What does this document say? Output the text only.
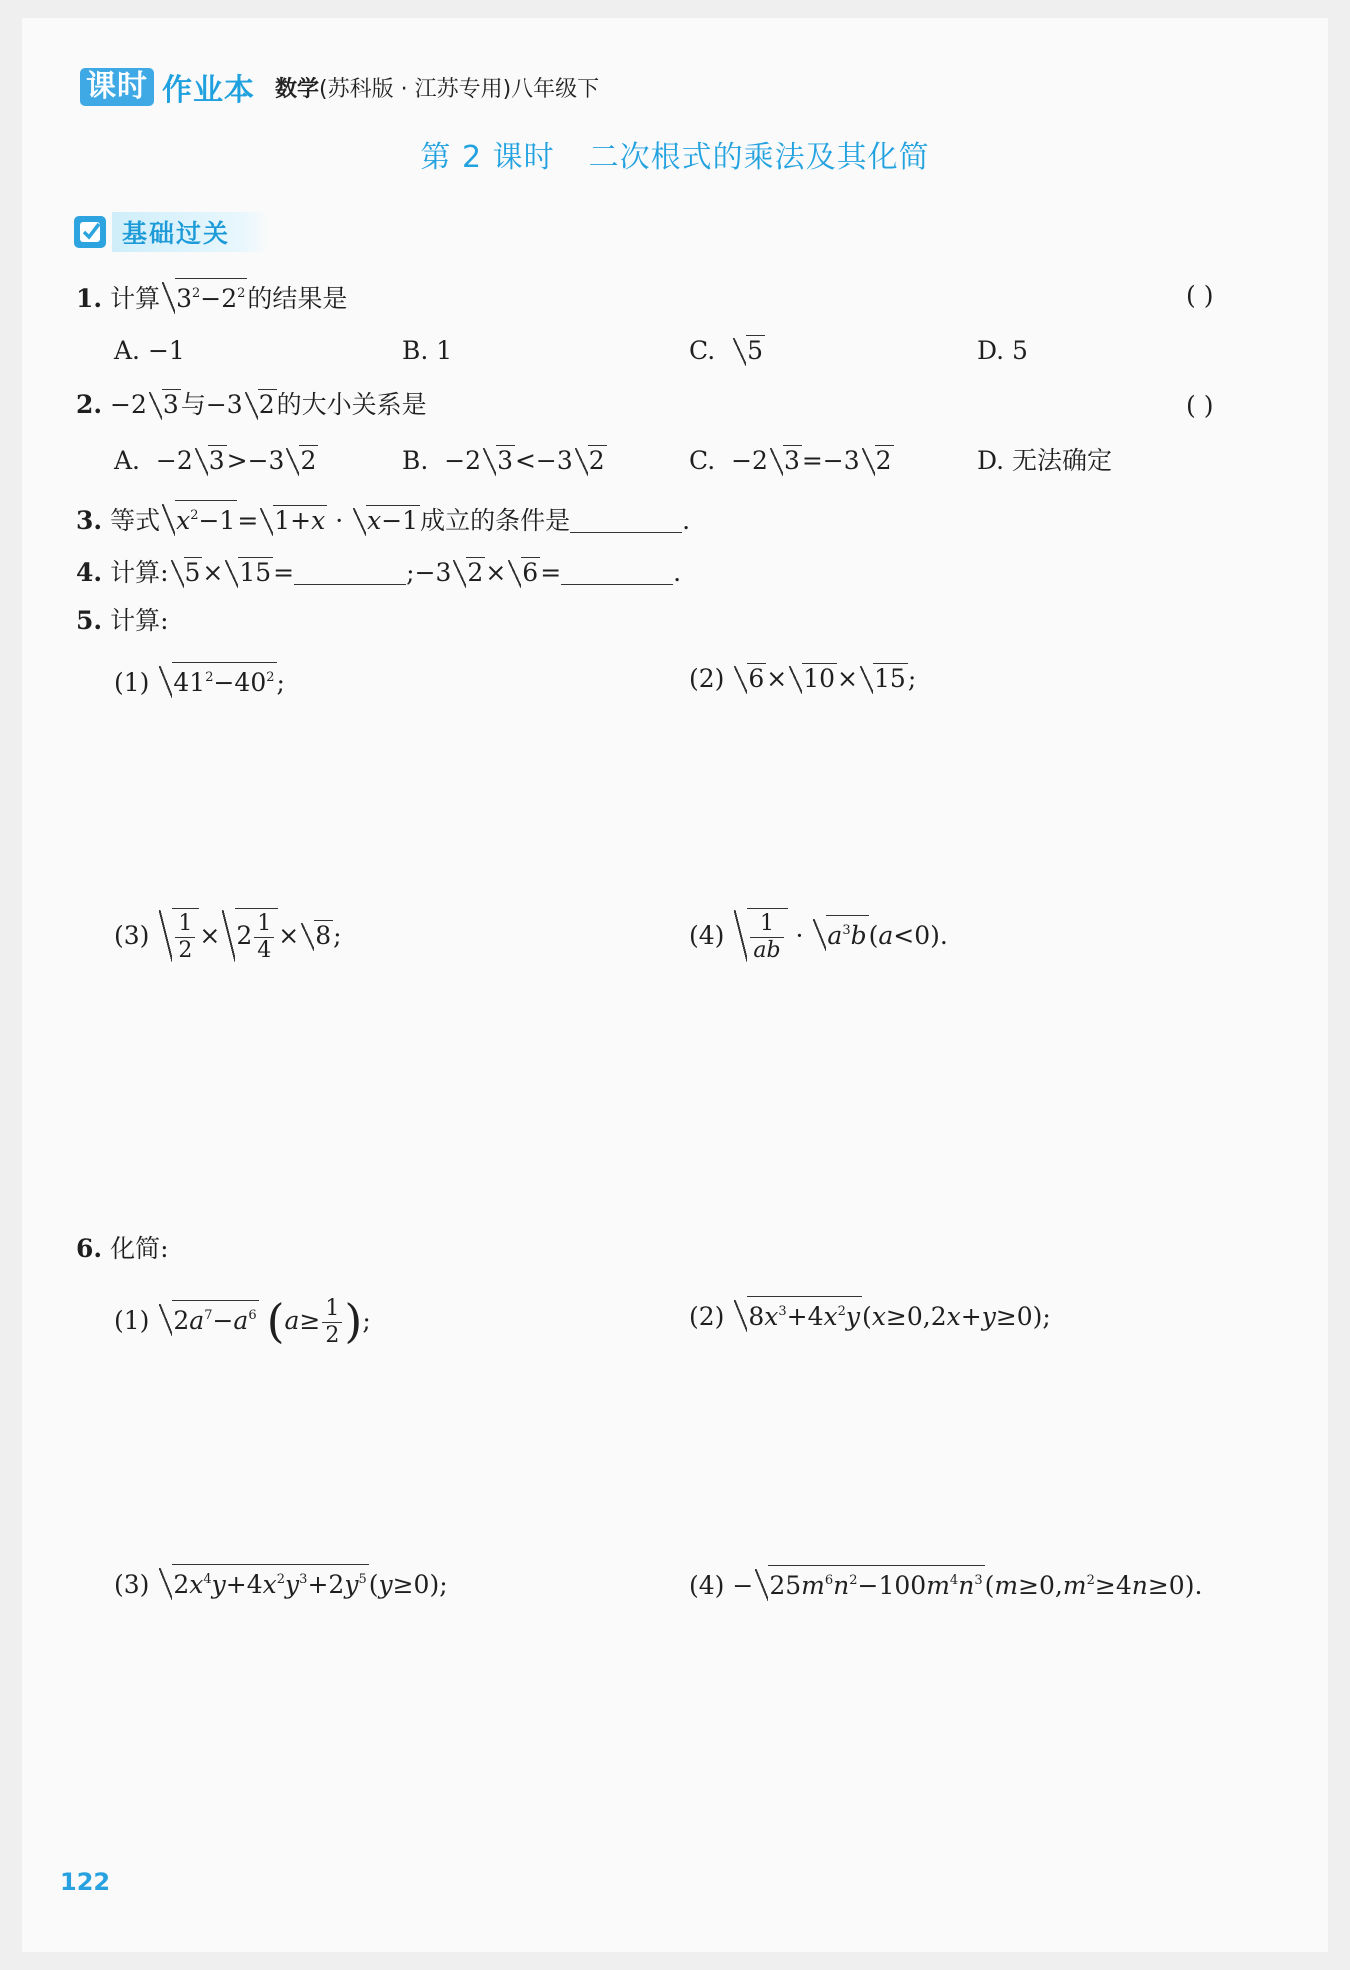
课时 作业本 数学(苏科版 · 江苏专用)八年级下
第 2 课时 二次根式的乘法及其化简
基础过关
1. 计算 $3^2-2^2$的结果是	( )
A. −1	B. 1	C. 5	D. 5
2. −2 3与−3 2的大小关系是	( )
A.  −2 3>−3 2	B.  −2 3<−3 2	C.  −2 3=−3 2	D. 无法确定
3. 等式 $x^2-1= 1+x \cdot x-1$成立的条件是	.
4. 计算: 5× 15=	;−3 2× 6=	.
5. 计算:
(1) $41^2-40^2$;	(2) 6× 10× 15;
$(3) \frac{1}{2} \times 2 \frac{1}{4} \times 8$;	$(4) \frac{1}{ab} \cdot a^3b(a<0)$.
6. 化简:
(1) $2a^7-a^6$ ($a\ge \frac{1}{2}$ );	(2) $8x^3+4x^2y(x\ge 0,2x+y\ge 0)$;
(3) $2x^4y+4x^2y^3+2y^5(y\ge 0)$;	$(4) - 25m^6n^2-100m^4n^3(m\ge 0,m^2\ge 4n\ge 0)$.
122
